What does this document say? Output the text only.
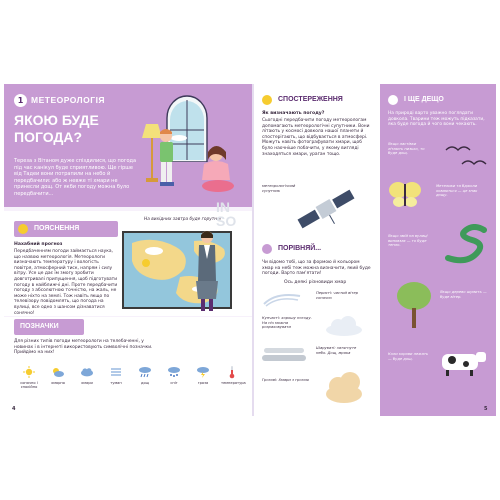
1 МЕТЕОРОЛОГІЯ
ЯКОЮ БУДЕ ПОГОДА?
Тереза з Вітаном дуже спіздилися, що погода під час канікул буде сприятливою. Ще гірше від Тадеи вони потрапили на небо й передбачили: або ж невже ті хмари не принесли дощ. От якби погоду можна було передбачити...
ПОЯСНЕННЯ
Нахабний прогноз
Передбаченням погоди займається наука, що назвою метеорологія. Метеорологи визначають температуру і вологість повітря, атмосферний тиск, напрям і силу вітру. Усе це дає їм змогу зробити довготривалі припущення, щоб підготувати погоду в найближчі дні. Проте передбачити погоду з абсолютною точністю, на жаль, не може ніхто на землі. Тож навіть якщо по телевізору повідомлять, що погода на вулиці, все одно з шансом дізнаватися сонячно!
На вихідних завтра буде горутно!
ПОЗНАЧКИ
Для різних типів погоди метеорологи на телебаченні, у новинах і в інтернеті використовують символічні позначки. Прийдімо на них!
сонячно і спокійно
хмарно	хмари	туман	дощ	сніг	гроза	температура
IN SO
4
СПОСТЕРЕЖЕННЯ
Як визначають погоду?
Сьогодні передбачити погоду метеорологам допомагають метеорологічні супутники. Вони літають у космосі довкола нашої планети й спостерігають, що відбувається в атмосфері. Можуть навіть фотографувати хмари, щоб було наочніше побачити, у якому вигляді знаходяться хмари, ураган тощо.
метеорологічний супутник
ПОРІВНЯЙ...
Чи відомо тобі, що за формою й кольором хмар на небі теж можна визначити, який буде погоди. Варто пам'ятати!
Ось деякі різновиди хмар
Перисті: чистий вітер сонячно
Купчасті: хорошу погоду. На ніч можна розраховувати
Шаруваті: затягнуте небо. Дощ, мряка
Грозові: Хмари з грозою
І ЩЕ ДЕЩО
На природі варто уважно поглядати довкола. Тварини теж можуть підказати, яка буде погода й чого вони чекають.
Якщо ластівки літають низько, то буде дощ.
Метелики та бджоли ховаються — це знак дощу.
Якщо змій на вулиці виповзає — то буде тепло.
Якщо дерево шумить — буде вітер.
Коли корови лежать — буде дощ.
5
